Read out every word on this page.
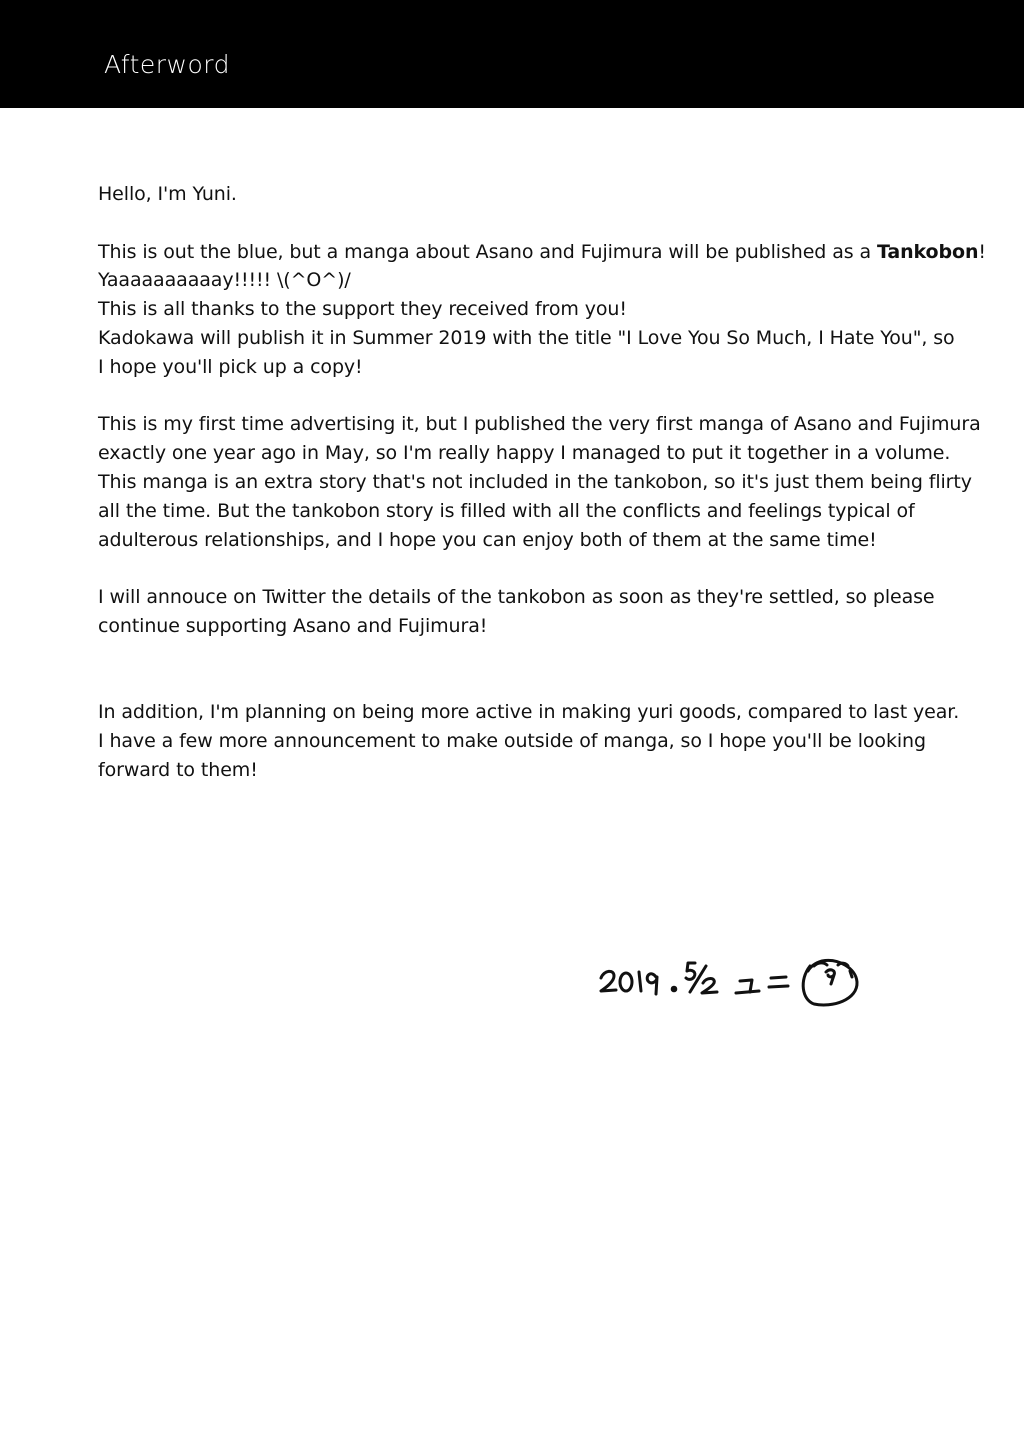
Afterword
Hello, I'm Yuni.
This is out the blue, but a manga about Asano and Fujimura will be published as a Tankobon!
Yaaaaaaaaaay!!!!! \(^O^)/
This is all thanks to the support they received from you!
Kadokawa will publish it in Summer 2019 with the title "I Love You So Much, I Hate You", so
I hope you'll pick up a copy!
This is my first time advertising it, but I published the very first manga of Asano and Fujimura
exactly one year ago in May, so I'm really happy I managed to put it together in a volume.
This manga is an extra story that's not included in the tankobon, so it's just them being flirty
all the time. But the tankobon story is filled with all the conflicts and feelings typical of
adulterous relationships, and I hope you can enjoy both of them at the same time!
I will annouce on Twitter the details of the tankobon as soon as they're settled, so please
continue supporting Asano and Fujimura!
In addition, I'm planning on being more active in making yuri goods, compared to last year.
I have a few more announcement to make outside of manga, so I hope you'll be looking
forward to them!
